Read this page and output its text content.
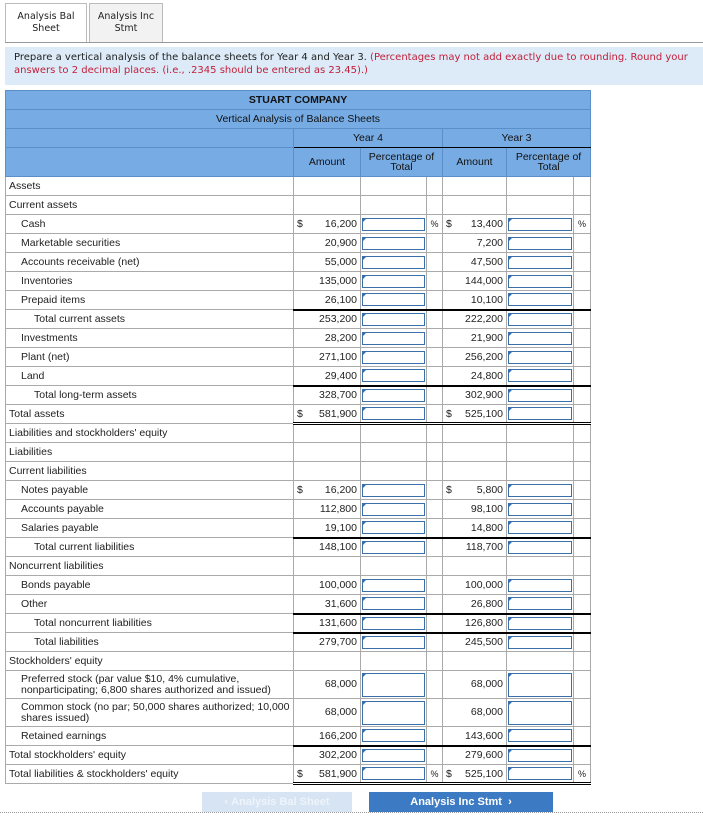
Analysis Bal Sheet
Analysis Inc Stmt
Prepare a vertical analysis of the balance sheets for Year 4 and Year 3. (Percentages may not add exactly due to rounding. Round your answers to 2 decimal places. (i.e., .2345 should be entered as 23.45).)
STUART COMPANY						
Vertical Analysis of Balance Sheets						
	Year 4			Year 3		
	Amount	Percentage of Total		Amount	Percentage of Total	
Assets						
Current assets						
Cash	$ 16,200		%	$ 13,400		%
Marketable securities	20,900			7,200	

Accounts receivable (net)	55,000			47,500	

Inventories	135,000			144,000	

Prepaid items	26,100			10,100	

Total current assets	253,200			222,200	

Investments	28,200			21,900	

Plant (net)	271,100			256,200	

Land	29,400			24,800	

Total long-term assets	328,700			302,900	

Total assets	$ 581,900			$ 525,100	

Liabilities and stockholders' equity						
Liabilities						
Current liabilities						
Notes payable	$ 16,200			$ 5,800	

Accounts payable	112,800			98,100	

Salaries payable	19,100			14,800	

Total current liabilities	148,100			118,700	

Noncurrent liabilities						
Bonds payable	100,000			100,000	

Other	31,600			26,800	

Total noncurrent liabilities	131,600			126,800	

Total liabilities	279,700			245,500	

Stockholders' equity						
Preferred stock (par value $10, 4% cumulative, nonparticipating; 6,800 shares authorized and issued)	68,000			68,000	

Common stock (no par; 50,000 shares authorized; 10,000 shares issued)	68,000			68,000	

Retained earnings	166,200			143,600	

Total stockholders' equity	302,200			279,600	

Total liabilities & stockholders' equity	$ 581,900		%	$ 525,100		%
‹ Analysis Bal Sheet	Analysis Inc Stmt ›
